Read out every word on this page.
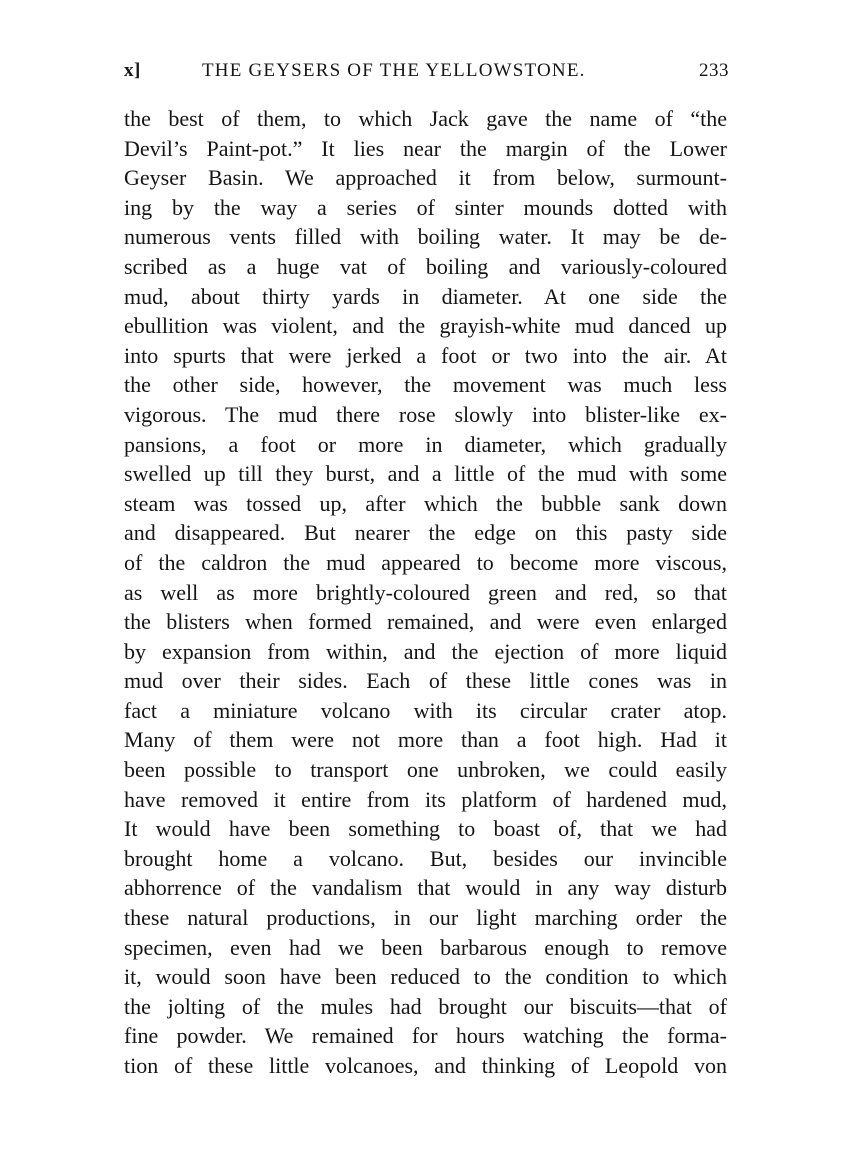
x]	THE GEYSERS OF THE YELLOWSTONE.	233
the best of them, to which Jack gave the name of “the
Devil’s Paint-pot.” It lies near the margin of the Lower
Geyser Basin. We approached it from below, surmount-
ing by the way a series of sinter mounds dotted with
numerous vents filled with boiling water. It may be de-
scribed as a huge vat of boiling and variously-coloured
mud, about thirty yards in diameter. At one side the
ebullition was violent, and the grayish-white mud danced up
into spurts that were jerked a foot or two into the air. At
the other side, however, the movement was much less
vigorous. The mud there rose slowly into blister-like ex-
pansions, a foot or more in diameter, which gradually
swelled up till they burst, and a little of the mud with some
steam was tossed up, after which the bubble sank down
and disappeared. But nearer the edge on this pasty side
of the caldron the mud appeared to become more viscous,
as well as more brightly-coloured green and red, so that
the blisters when formed remained, and were even enlarged
by expansion from within, and the ejection of more liquid
mud over their sides. Each of these little cones was in
fact a miniature volcano with its circular crater atop.
Many of them were not more than a foot high. Had it
been possible to transport one unbroken, we could easily
have removed it entire from its platform of hardened mud,
It would have been something to boast of, that we had
brought home a volcano. But, besides our invincible
abhorrence of the vandalism that would in any way disturb
these natural productions, in our light marching order the
specimen, even had we been barbarous enough to remove
it, would soon have been reduced to the condition to which
the jolting of the mules had brought our biscuits—that of
fine powder. We remained for hours watching the forma-
tion of these little volcanoes, and thinking of Leopold von
